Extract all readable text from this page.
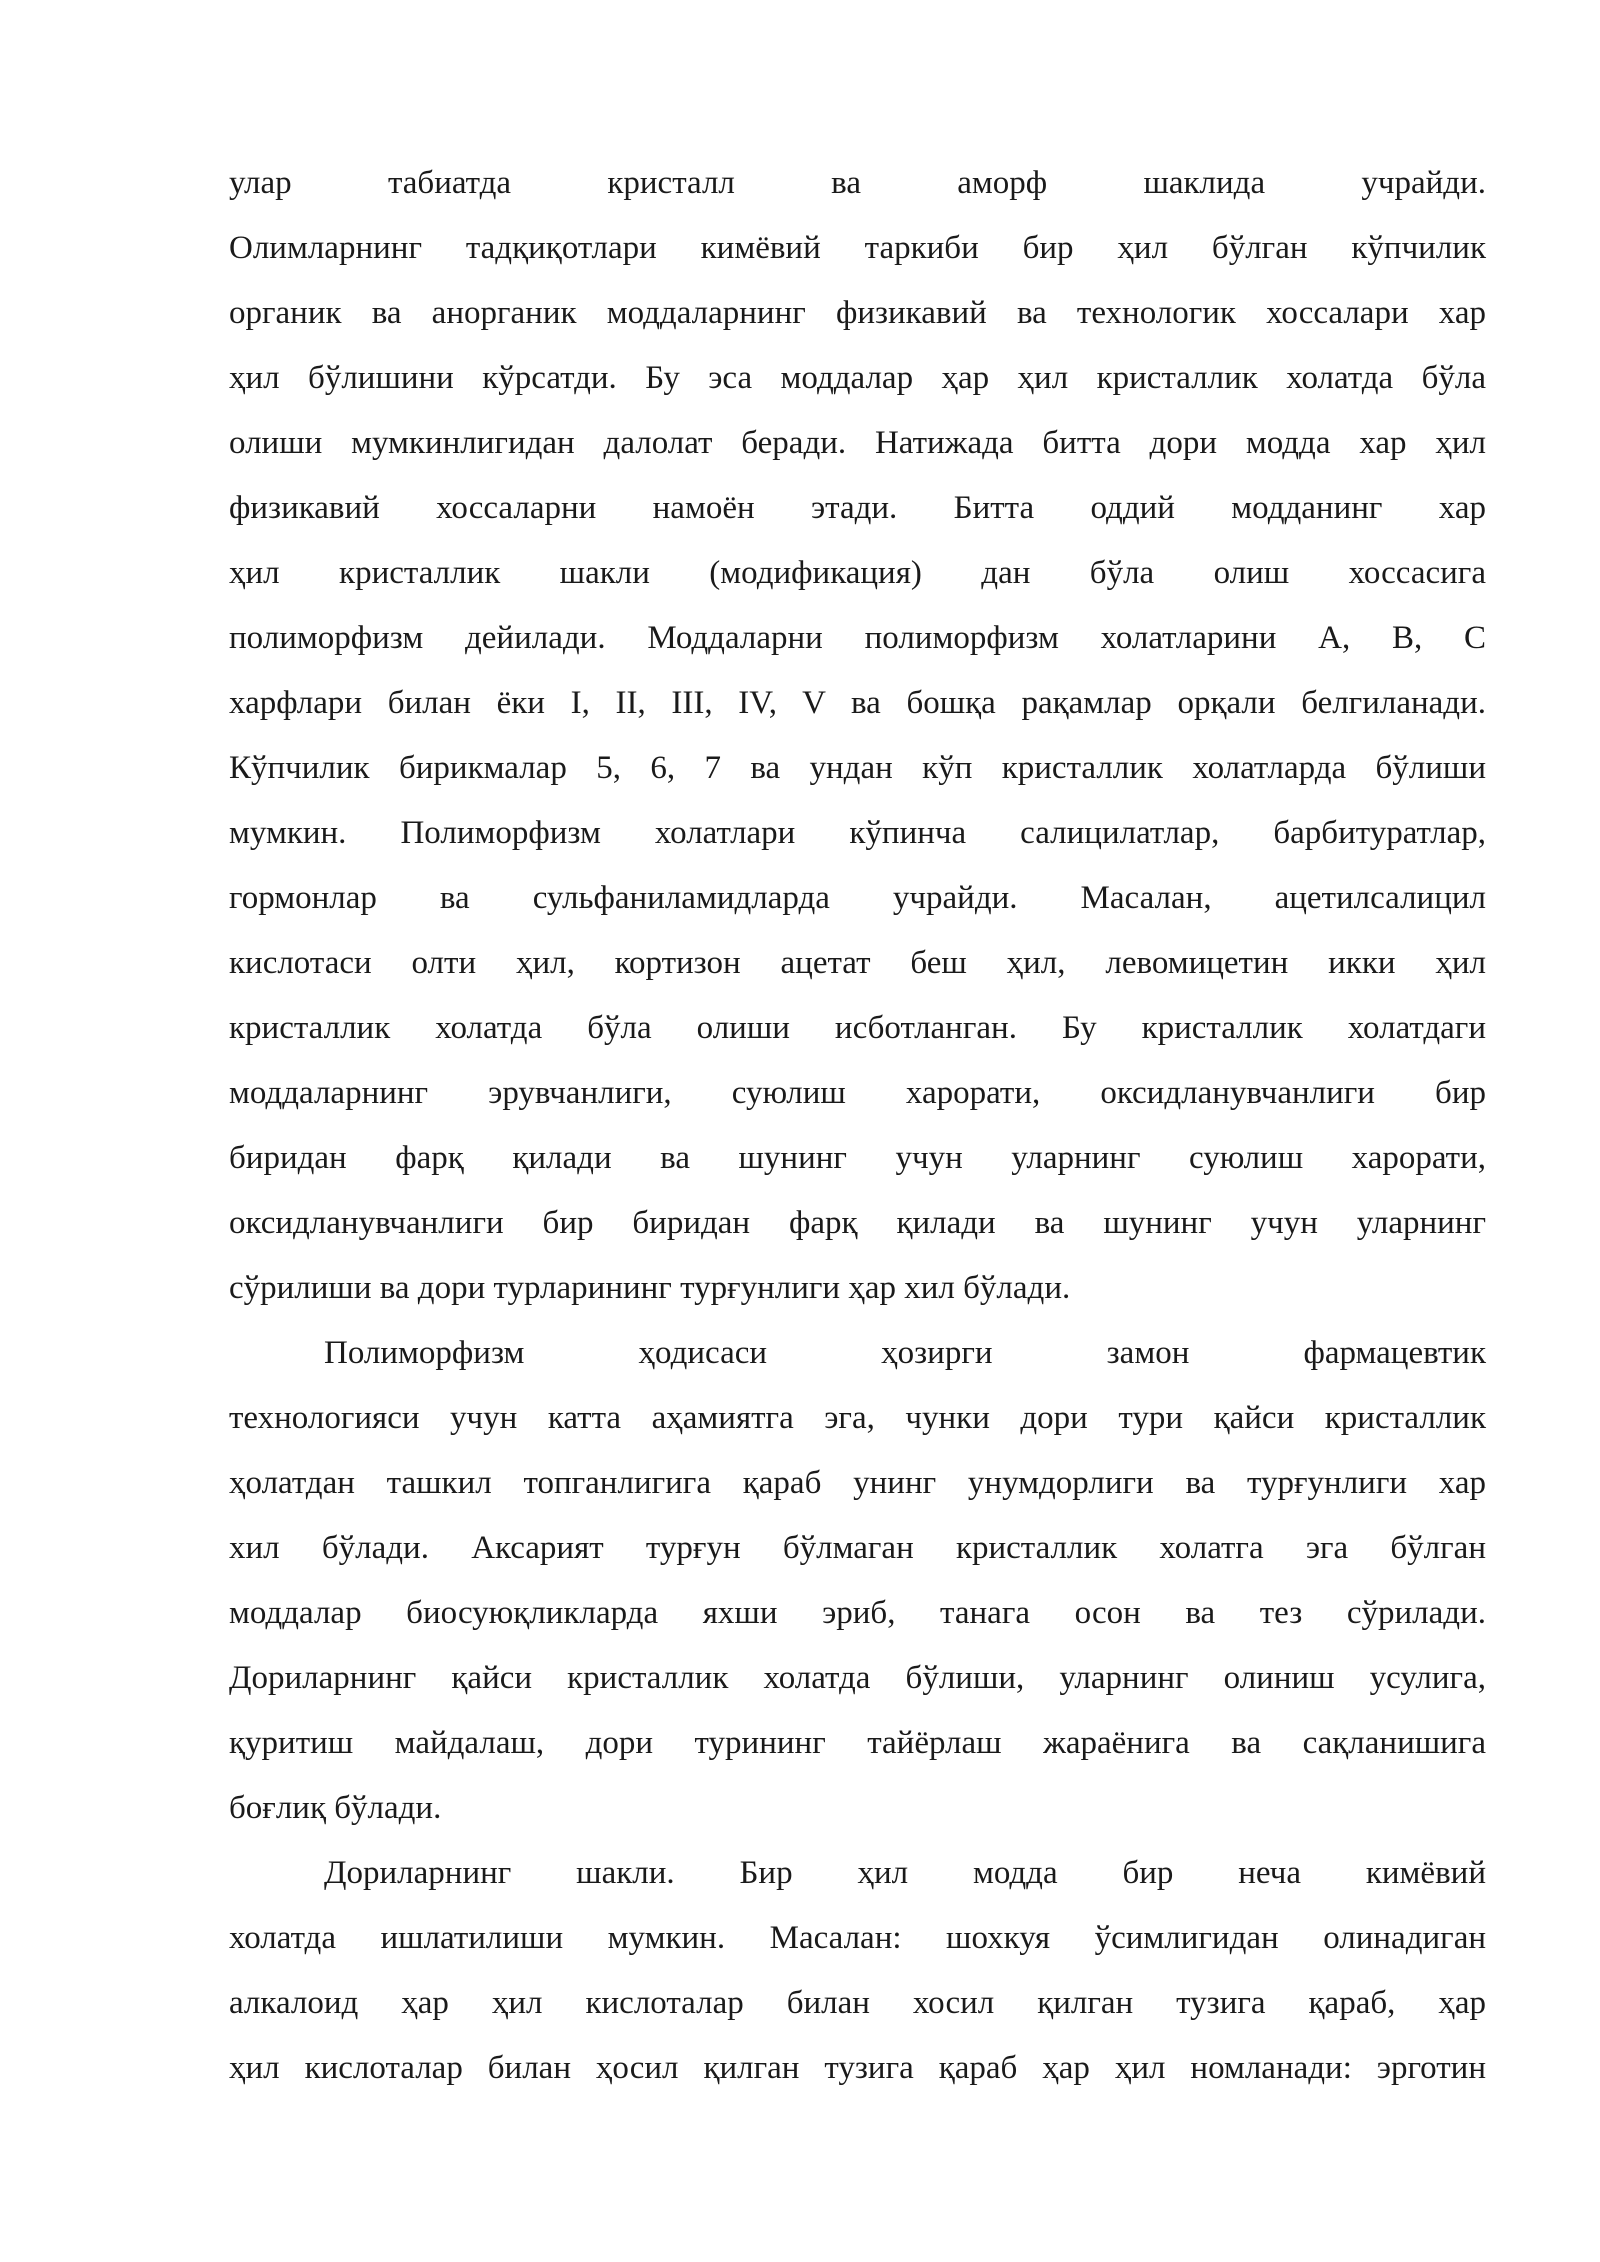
улар табиатда кристалл ва аморф шаклида учрайди.
Олимларнинг тадқиқотлари кимёвий таркиби бир ҳил бўлган кўпчилик
органик ва анорганик моддаларнинг физикавий ва технологик хоссалари хар
ҳил бўлишини кўрсатди. Бу эса моддалар ҳар ҳил кристаллик холатда бўла
олиши мумкинлигидан далолат беради. Натижада битта дори модда хар ҳил
физикавий хоссаларни намоён этади. Битта оддий модданинг хар
ҳил кристаллик шакли (модификация) дан бўла олиш хоссасига
полиморфизм дейилади. Моддаларни полиморфизм холатларини А, В, С
харфлари билан ёки I, II, III, IV, V ва бошқа рақамлар орқали белгиланади.
Кўпчилик бирикмалар 5, 6, 7 ва ундан кўп кристаллик холатларда бўлиши
мумкин. Полиморфизм холатлари кўпинча салицилатлар, барбитуратлар,
гормонлар ва сульфаниламидларда учрайди. Масалан, ацетилсалицил
кислотаси олти ҳил, кортизон ацетат беш ҳил, левомицетин икки ҳил
кристаллик холатда бўла олиши исботланган. Бу кристаллик холатдаги
моддаларнинг эрувчанлиги, суюлиш харорати, оксидланувчанлиги бир
биридан фарқ қилади ва шунинг учун уларнинг суюлиш харорати,
оксидланувчанлиги бир биридан фарқ қилади ва шунинг учун уларнинг
сўрилиши ва дори турларининг турғунлиги ҳар хил бўлади.
Полиморфизм ҳодисаси ҳозирги замон фармацевтик
технологияси учун катта аҳамиятга эга, чунки дори тури қайси кристаллик
ҳолатдан ташкил топганлигига қараб унинг унумдорлиги ва турғунлиги хар
хил бўлади. Аксарият турғун бўлмаган кристаллик холатга эга бўлган
моддалар биосуюқликларда яхши эриб, танага осон ва тез сўрилади.
Дориларнинг қайси кристаллик холатда бўлиши, уларнинг олиниш усулига,
қуритиш майдалаш, дори турининг тайёрлаш жараёнига ва сақланишига
боғлиқ бўлади.
Дориларнинг шакли. Бир ҳил модда бир неча кимёвий
холатда ишлатилиши мумкин. Масалан: шохкуя ўсимлигидан олинадиган
алкалоид ҳар ҳил кислоталар билан хосил қилган тузига қараб, ҳар
ҳил кислоталар билан ҳосил қилган тузига қараб ҳар ҳил номланади: эрготин
